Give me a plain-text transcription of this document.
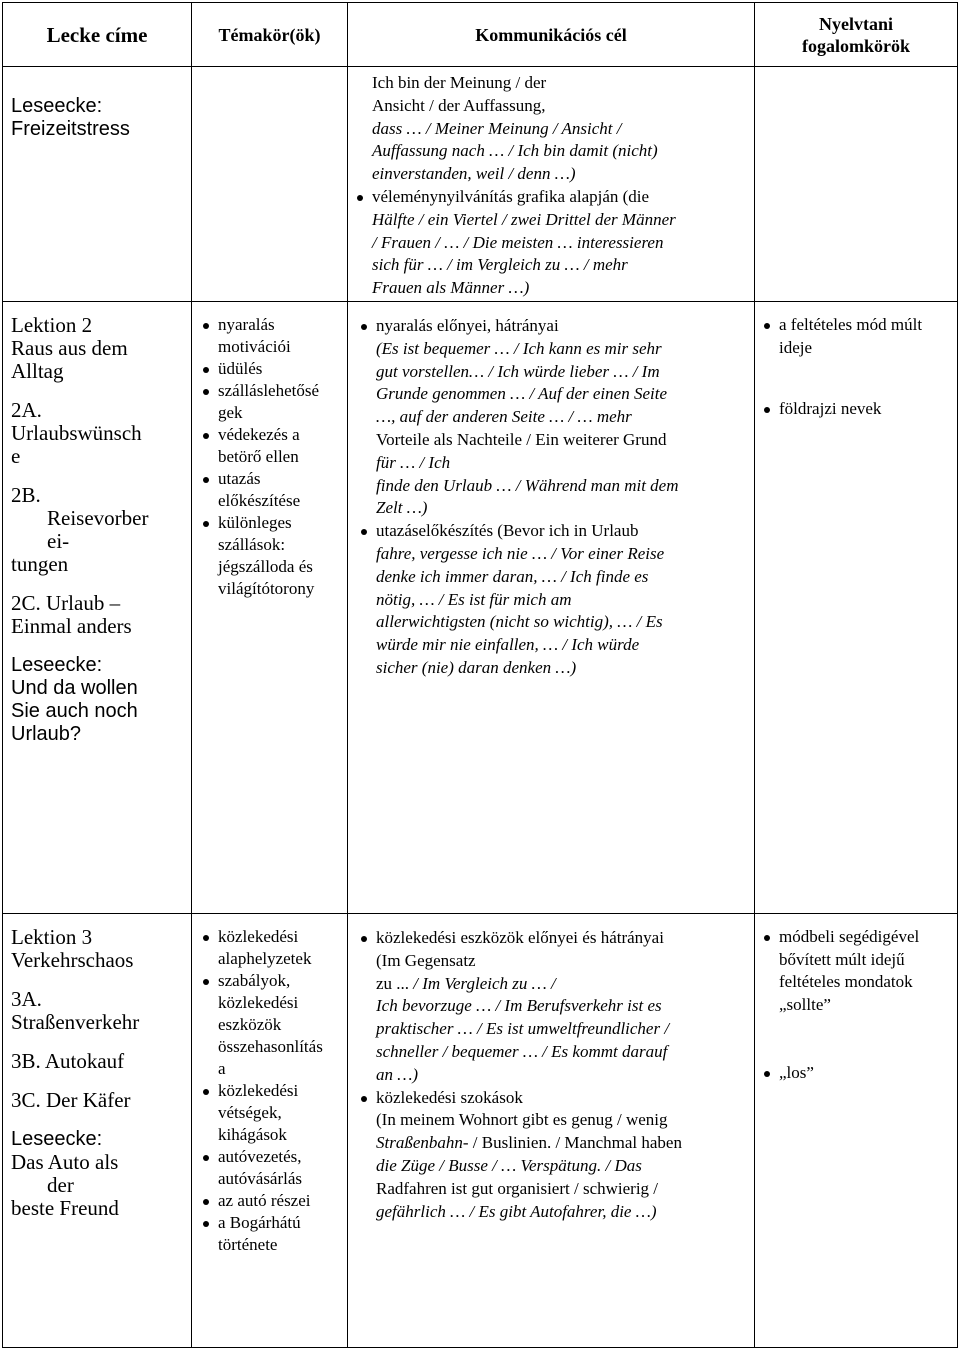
Lecke címe	Témakör(ök)	Kommunikációs cél
Nyelvtani fogalomkörök
Leseecke:
Freizeitstress
Ich bin der Meinung / der
Ansicht / der Auffassung,
dass … / Meiner Meinung / Ansicht /
Auffassung nach … / Ich bin damit (nicht)
einverstanden, weil / denn …)
véleménynyilvánítás grafika alapján (die
Hälfte / ein Viertel / zwei Drittel der Männer
/ Frauen / … / Die meisten … interessieren
sich für … / im Vergleich zu … / mehr
Frauen als Männer …)
Lektion 2
Raus aus dem
Alltag
2A.
Urlaubswünsch
e
2B.
Reisevorber
ei-
tungen
2C. Urlaub –
Einmal anders
Leseecke:
Und da wollen
Sie auch noch
Urlaub?
nyaralás
motivációi
üdülés
szálláslehetősé
gek
védekezés a
betörő ellen
utazás
előkészítése
különleges
szállások:
jégszálloda és
világítótorony
nyaralás előnyei, hátrányai
(Es ist bequemer … / Ich kann es mir sehr
gut vorstellen… / Ich würde lieber … / Im
Grunde genommen … / Auf der einen Seite
…, auf der anderen Seite … / … mehr
Vorteile als Nachteile / Ein weiterer Grund
für … / Ich
finde den Urlaub … / Während man mit dem
Zelt …)
utazáselőkészítés (Bevor ich in Urlaub
fahre, vergesse ich nie … / Vor einer Reise
denke ich immer daran, … / Ich finde es
nötig, … / Es ist für mich am
allerwichtigsten (nicht so wichtig), … / Es
würde mir nie einfallen, … / Ich würde
sicher (nie) daran denken …)
a feltételes mód múlt
ideje
földrajzi nevek
Lektion 3
Verkehrschaos
3A.
Straßenverkehr
3B. Autokauf
3C. Der Käfer
Leseecke:
Das Auto als
der
beste Freund
közlekedési
alaphelyzetek
szabályok,
közlekedési
eszközök
összehasonlítás
a
közlekedési
vétségek,
kihágások
autóvezetés,
autóvásárlás
az autó részei
a Bogárhátú
története
közlekedési eszközök előnyei és hátrányai
(Im Gegensatz
zu ... / Im Vergleich zu … /
Ich bevorzuge … / Im Berufsverkehr ist es
praktischer … / Es ist umweltfreundlicher /
schneller / bequemer … / Es kommt darauf
an …)
közlekedési szokások
(In meinem Wohnort gibt es genug / wenig
Straßenbahn- / Buslinien. / Manchmal haben
die Züge / Busse / … Verspätung. / Das
Radfahren ist gut organisiert / schwierig /
gefährlich … / Es gibt Autofahrer, die …)
módbeli segédigével
bővített múlt idejű
feltételes mondatok
„sollte”
„los”
